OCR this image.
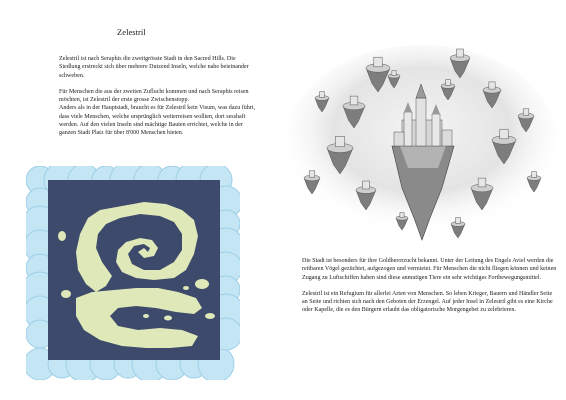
Zelestril

Zelestril ist nach Seraphis die zweitgrösste Stadt in den Sacred Hills. Die Siedlung erstreckt sich über mehrere Dutzend Inseln, welche nahe beieinander schweben.

Für Menschen die aus der zweiten Zuflucht kommen und nach Seraphis reisen möchten, ist Zelestril der erste grosse Zwischenstopp.
Anders als in der Hauptstadt, braucht es für Zelestril kein Visum, was dazu führt, dass viele Menschen, welche ursprünglich weiterreisen wollten, dort sesshaft werden. Auf den vielen Inseln sind mächtige Bauten errichtet, welche in der ganzen Stadt Platz für über 8'000 Menschen bieten.

Die Stadt ist besonders für ihre Goldherorzucht bekannt. Unter der Leitung des Engels Aviel werden die reitbaren Vögel gezüchtet, aufgezogen und vermietet. Für Menschen die nicht fliegen können und keinen Zugang zu Luftschiffen haben sind diese anmutigen Tiere ein sehr wichtiges Fortbewegungsmittel.

Zelestril ist ein Refugium für allerlei Arten von Menschen. So leben Krieger, Bauern und Händler Seite an Seite und richten sich nach den Geboten der Erzengel. Auf jeder Insel in Zelestril gibt es eine Kirche oder Kapelle, die es den Bürgern erlaubt das obligatorische Morgengebet zu zelebrieren.
